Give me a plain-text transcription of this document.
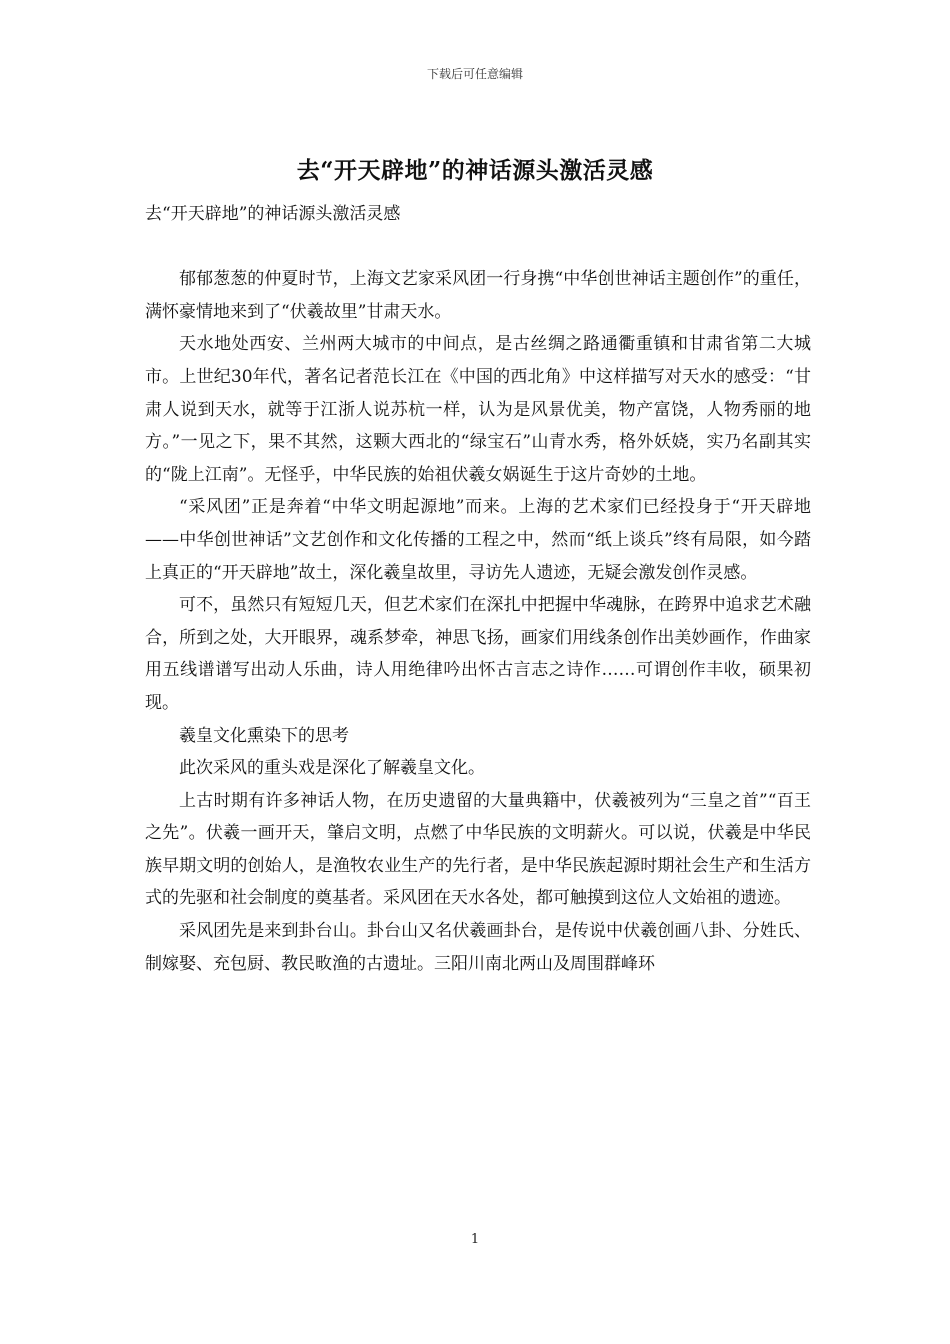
下载后可任意编辑
去“开天辟地”的神话源头激活灵感

去“开天辟地”的神话源头激活灵感

郁郁葱葱的仲夏时节，上海文艺家采风团一行身携“中华创世神话主题创作”的重任，满怀豪情地来到了“伏羲故里”甘肃天水。

天水地处西安、兰州两大城市的中间点，是古丝绸之路通衢重镇和甘肃省第二大城市。上世纪30年代，著名记者范长江在《中国的西北角》中这样描写对天水的感受：“甘肃人说到天水，就等于江浙人说苏杭一样，认为是风景优美，物产富饶，人物秀丽的地方。”一见之下，果不其然，这颗大西北的“绿宝石”山青水秀，格外妖娆，实乃名副其实的“陇上江南”。无怪乎，中华民族的始祖伏羲女娲诞生于这片奇妙的土地。

“采风团”正是奔着“中华文明起源地”而来。上海的艺术家们已经投身于“开天辟地——中华创世神话”文艺创作和文化传播的工程之中，然而“纸上谈兵”终有局限，如今踏上真正的“开天辟地”故土，深化羲皇故里，寻访先人遗迹，无疑会激发创作灵感。

可不，虽然只有短短几天，但艺术家们在深扎中把握中华魂脉，在跨界中追求艺术融合，所到之处，大开眼界，魂系梦牵，神思飞扬，画家们用线条创作出美妙画作，作曲家用五线谱谱写出动人乐曲，诗人用绝律吟出怀古言志之诗作……可谓创作丰收，硕果初现。

羲皇文化熏染下的思考

此次采风的重头戏是深化了解羲皇文化。

上古时期有许多神话人物，在历史遗留的大量典籍中，伏羲被列为“三皇之首”“百王之先”。伏羲一画开天，肇启文明，点燃了中华民族的文明薪火。可以说，伏羲是中华民族早期文明的创始人，是渔牧农业生产的先行者，是中华民族起源时期社会生产和生活方式的先驱和社会制度的奠基者。采风团在天水各处，都可触摸到这位人文始祖的遗迹。

采风团先是来到卦台山。卦台山又名伏羲画卦台，是传说中伏羲创画八卦、分姓氏、制嫁娶、充包厨、教民畋渔的古遗址。三阳川南北两山及周围群峰环

1
